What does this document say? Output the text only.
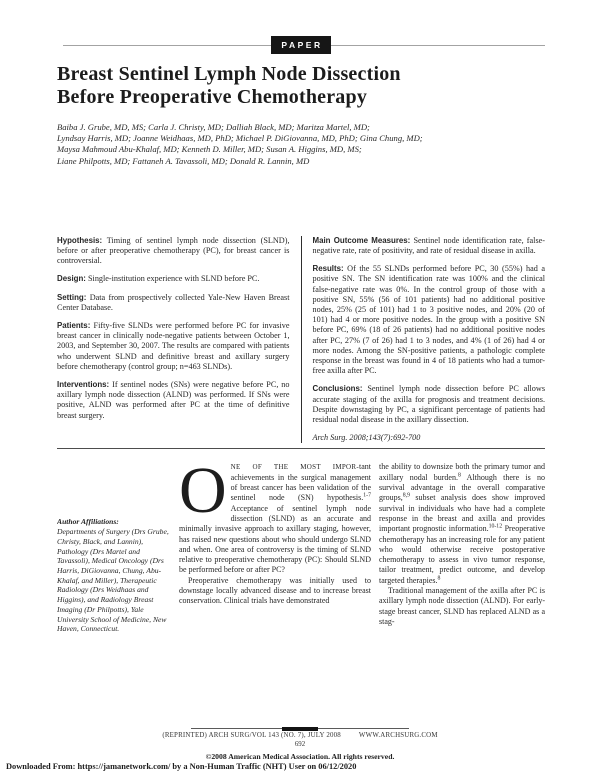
PAPER
Breast Sentinel Lymph Node Dissection
Before Preoperative Chemotherapy
Baiba J. Grube, MD, MS; Carla J. Christy, MD; Dalliah Black, MD; Maritza Martel, MD;
Lyndsay Harris, MD; Joanne Weidhaas, MD, PhD; Michael P. DiGiovanna, MD, PhD; Gina Chung, MD;
Maysa Mahmoud Abu-Khalaf, MD; Kenneth D. Miller, MD; Susan A. Higgins, MD, MS;
Liane Philpotts, MD; Fattaneh A. Tavassoli, MD; Donald R. Lannin, MD

Hypothesis: Timing of sentinel lymph node dissection (SLND), before or after preoperative chemotherapy (PC), for breast cancer is controversial.

Design: Single-institution experience with SLND before PC.

Setting: Data from prospectively collected Yale-New Haven Breast Center Database.

Patients: Fifty-five SLNDs were performed before PC for invasive breast cancer in clinically node-negative patients between October 1, 2003, and September 30, 2007. The results are compared with patients who underwent SLND and definitive breast and axillary surgery before chemotherapy (control group; n=463 SLNDs).

Interventions: If sentinel nodes (SNs) were negative before PC, no axillary lymph node dissection (ALND) was performed. If SNs were positive, ALND was performed after PC at the time of definitive breast surgery.

Main Outcome Measures: Sentinel node identification rate, false-negative rate, rate of positivity, and rate of residual disease in axilla.

Results: Of the 55 SLNDs performed before PC, 30 (55%) had a positive SN. The SN identification rate was 100% and the clinical false-negative rate was 0%. In the control group of those with a positive SN, 55% (56 of 101 patients) had no additional positive nodes, 25% (25 of 101) had 1 to 3 positive nodes, and 20% (20 of 101) had 4 or more positive nodes. In the group with a positive SN before PC, 69% (18 of 26 patients) had no additional positive nodes after PC, 27% (7 of 26) had 1 to 3 nodes, and 4% (1 of 26) had 4 or more nodes. Among the SN-positive patients, a pathologic complete response in the breast was found in 4 of 18 patients who had a tumor-free axilla after PC.

Conclusions: Sentinel lymph node dissection before PC allows accurate staging of the axilla for prognosis and treatment decisions. Despite downstaging by PC, a significant percentage of patients had residual nodal disease in the axillary dissection.

Arch Surg. 2008;143(7):692-700
Author Affiliations:
Departments of Surgery (Drs Grube, Christy, Black, and Lannin), Pathology (Drs Martel and Tavassoli), Medical Oncology (Drs Harris, DiGiovanna, Chung, Abu-Khalaf, and Miller), Therapeutic Radiology (Drs Weidhaas and Higgins), and Radiology Breast Imaging (Dr Philpotts), Yale University School of Medicine, New Haven, Connecticut.

ONE OF THE MOST IMPOR-tant achievements in the surgical management of breast cancer has been validation of the sentinel node (SN) hypothesis.$^{1-7}$ Acceptance of sentinel lymph node dissection (SLND) as an accurate and minimally invasive approach to axillary staging, however, has raised new questions about who should undergo SLND and when. One area of controversy is the timing of SLND relative to preoperative chemotherapy (PC): Should SLND be performed before or after PC?

Preoperative chemotherapy was initially used to downstage locally advanced disease and to increase breast conservation. Clinical trials have demonstrated

the ability to downsize both the primary tumor and axillary nodal burden.$^8$ Although there is no survival advantage in the overall comparative groups,$^{8,9}$ subset analysis does show improved survival in individuals who have had a complete response in the breast and axilla and provides important prognostic information.$^{10-12}$ Preoperative chemotherapy has an increasing role for any patient who would otherwise receive postoperative chemotherapy to assess in vivo tumor response, tailor treatment, predict outcome, and develop targeted therapies.$^8$

Traditional management of the axilla after PC is axillary lymph node dissection (ALND). For early-stage breast cancer, SLND has replaced ALND as a stag-

(REPRINTED) ARCH SURG/VOL 143 (NO. 7), JULY 2008	WWW.ARCHSURG.COM
692
©2008 American Medical Association. All rights reserved.
Downloaded From: https://jamanetwork.com/ by a Non-Human Traffic (NHT) User on 06/12/2020
